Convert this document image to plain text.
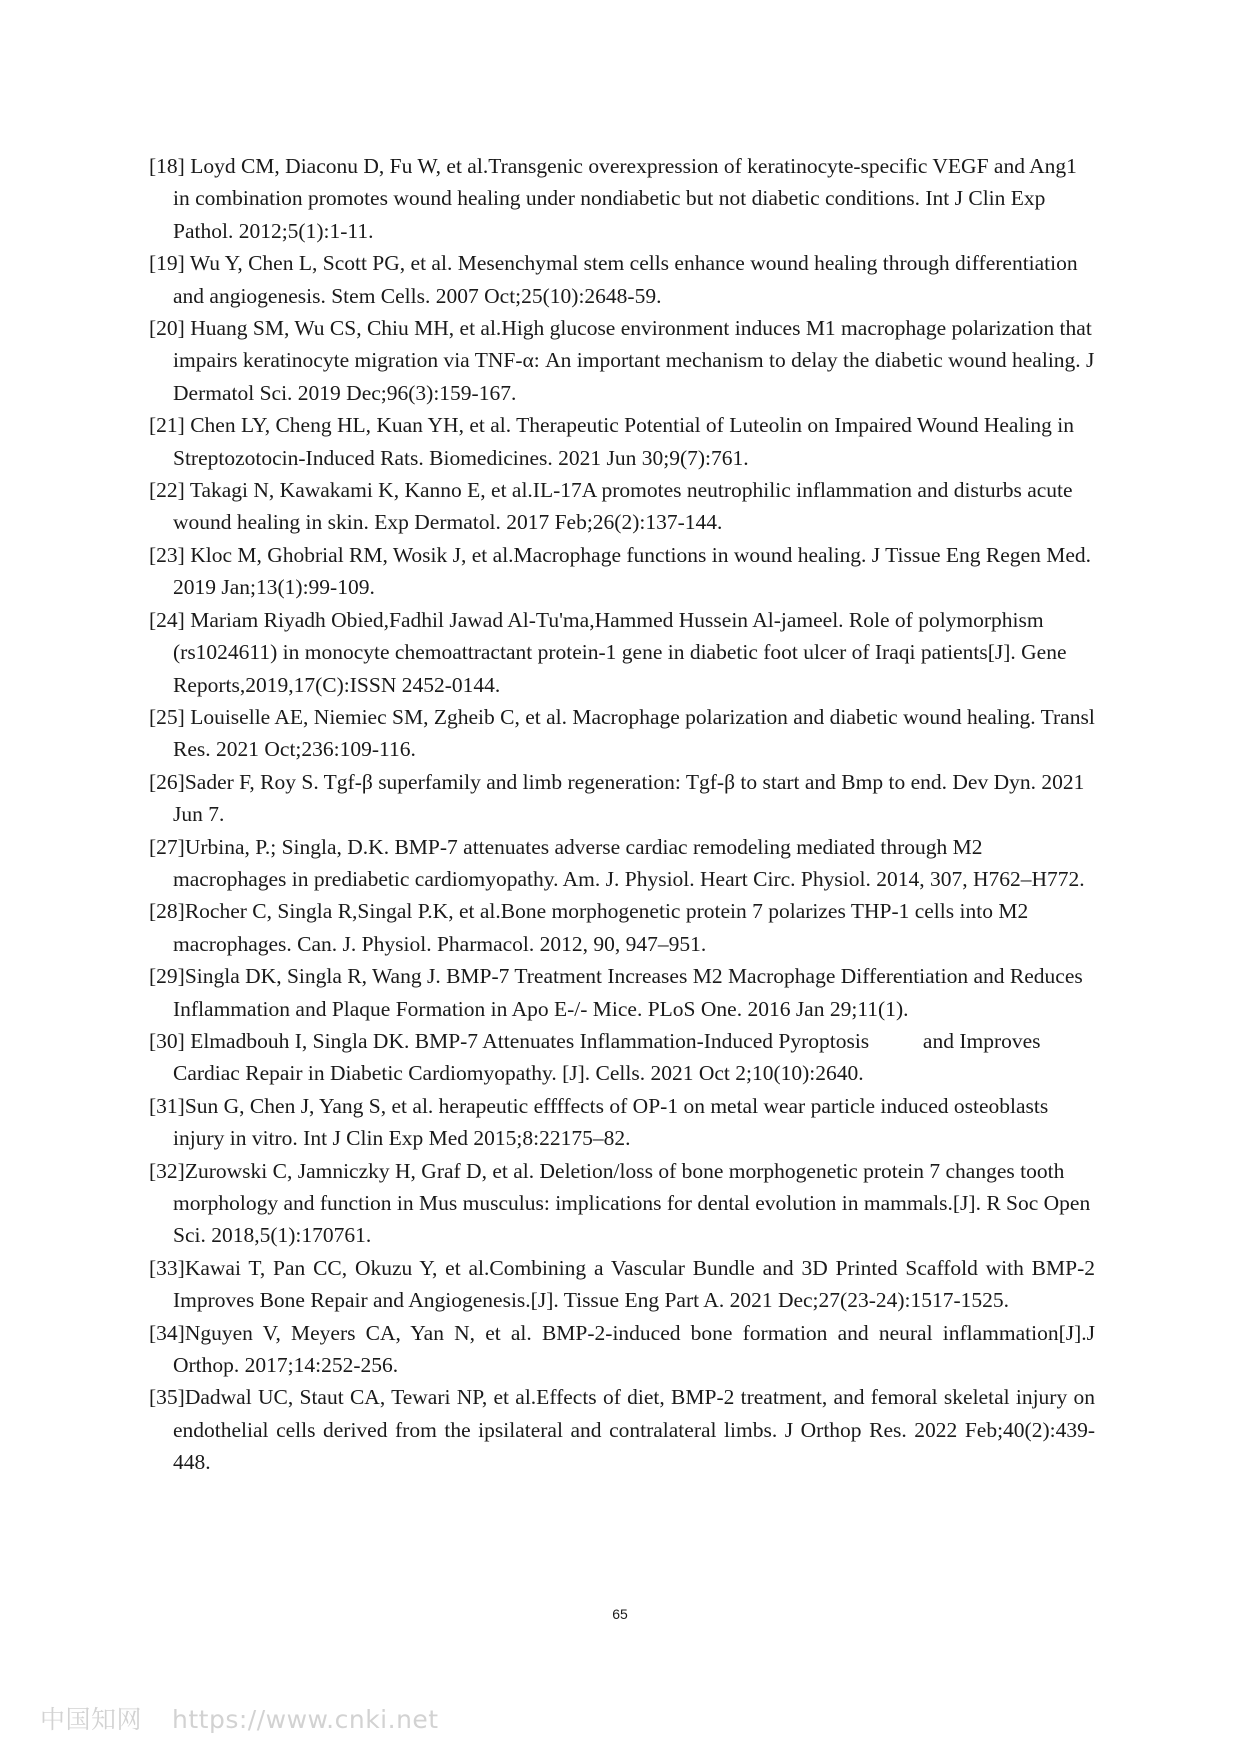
[18] Loyd CM, Diaconu D, Fu W, et al.Transgenic overexpression of keratinocyte-specific VEGF and Ang1 in combination promotes wound healing under nondiabetic but not diabetic conditions. Int J Clin Exp Pathol. 2012;5(1):1-11.
[19] Wu Y, Chen L, Scott PG, et al. Mesenchymal stem cells enhance wound healing through differentiation and angiogenesis. Stem Cells. 2007 Oct;25(10):2648-59.
[20] Huang SM, Wu CS, Chiu MH, et al.High glucose environment induces M1 macrophage polarization that impairs keratinocyte migration via TNF-α: An important mechanism to delay the diabetic wound healing. J Dermatol Sci. 2019 Dec;96(3):159-167.
[21] Chen LY, Cheng HL, Kuan YH, et al. Therapeutic Potential of Luteolin on Impaired Wound Healing in Streptozotocin-Induced Rats. Biomedicines. 2021 Jun 30;9(7):761.
[22] Takagi N, Kawakami K, Kanno E, et al.IL-17A promotes neutrophilic inflammation and disturbs acute wound healing in skin. Exp Dermatol. 2017 Feb;26(2):137-144.
[23] Kloc M, Ghobrial RM, Wosik J, et al.Macrophage functions in wound healing. J Tissue Eng Regen Med. 2019 Jan;13(1):99-109.
[24] Mariam Riyadh Obied,Fadhil Jawad Al-Tu'ma,Hammed Hussein Al-jameel. Role of polymorphism (rs1024611) in monocyte chemoattractant protein-1 gene in diabetic foot ulcer of Iraqi patients[J]. Gene Reports,2019,17(C):ISSN 2452-0144.
[25] Louiselle AE, Niemiec SM, Zgheib C, et al. Macrophage polarization and diabetic wound healing. Transl Res. 2021 Oct;236:109-116.
[26]Sader F, Roy S. Tgf-β superfamily and limb regeneration: Tgf-β to start and Bmp to end. Dev Dyn. 2021 Jun 7.
[27]Urbina, P.; Singla, D.K. BMP-7 attenuates adverse cardiac remodeling mediated through M2 macrophages in prediabetic cardiomyopathy. Am. J. Physiol. Heart Circ. Physiol. 2014, 307, H762–H772.
[28]Rocher C, Singla R,Singal P.K, et al.Bone morphogenetic protein 7 polarizes THP-1 cells into M2 macrophages. Can. J. Physiol. Pharmacol. 2012, 90, 947–951.
[29]Singla DK, Singla R, Wang J. BMP-7 Treatment Increases M2 Macrophage Differentiation and Reduces Inflammation and Plaque Formation in Apo E-/- Mice. PLoS One. 2016 Jan 29;11(1).
[30] Elmadbouh I, Singla DK. BMP-7 Attenuates Inflammation-Induced Pyroptosis          and Improves Cardiac Repair in Diabetic Cardiomyopathy. [J]. Cells. 2021 Oct 2;10(10):2640.
[31]Sun G, Chen J, Yang S, et al. herapeutic effffects of OP-1 on metal wear particle induced osteoblasts injury in vitro. Int J Clin Exp Med 2015;8:22175–82.
[32]Zurowski C, Jamniczky H, Graf D, et al. Deletion/loss of bone morphogenetic protein 7 changes tooth morphology and function in Mus musculus: implications for dental evolution in mammals.[J]. R Soc Open Sci. 2018,5(1):170761.
[33]Kawai T, Pan CC, Okuzu Y, et al.Combining a Vascular Bundle and 3D Printed Scaffold with BMP-2 Improves Bone Repair and Angiogenesis.[J]. Tissue Eng Part A. 2021 Dec;27(23-24):1517-1525.
[34]Nguyen V, Meyers CA, Yan N, et al. BMP-2-induced bone formation and neural inflammation[J].J Orthop. 2017;14:252-256.
[35]Dadwal UC, Staut CA, Tewari NP, et al.Effects of diet, BMP-2 treatment, and femoral skeletal injury on endothelial cells derived from the ipsilateral and contralateral limbs. J Orthop Res. 2022 Feb;40(2):439-448.
65
中国知网 https://www.cnki.net
